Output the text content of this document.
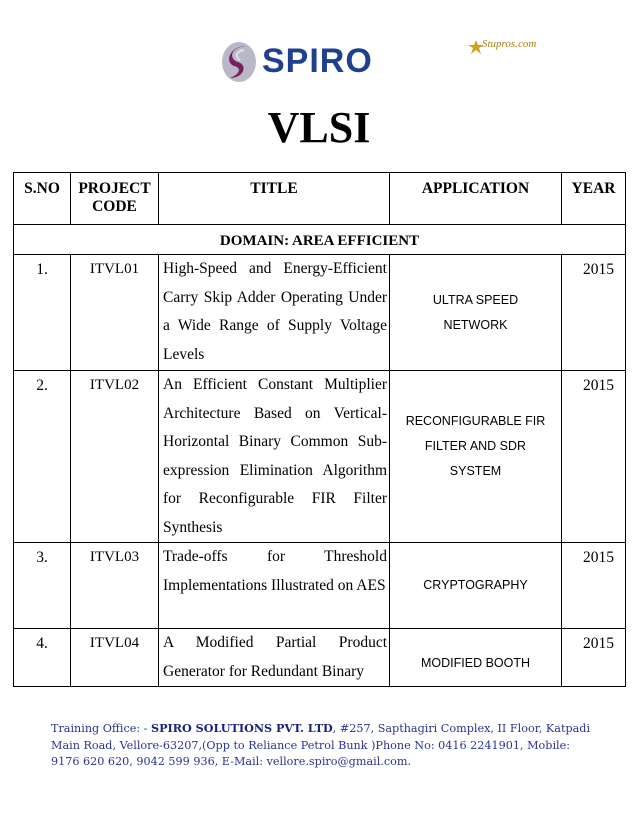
SPIRO	Stupros.com
VLSI
S.NO	PROJECT CODE	TITLE	APPLICATION	YEAR
DOMAIN: AREA EFFICIENT				
1.	ITVL01	High-Speed and Energy-Efficient Carry Skip Adder Operating Under a Wide Range of Supply Voltage Levels	ULTRA SPEED NETWORK	2015
2.	ITVL02	An Efficient Constant Multiplier Architecture Based on Vertical-Horizontal Binary Common Sub-expression Elimination Algorithm for Reconfigurable FIR Filter Synthesis	RECONFIGURABLE FIR FILTER AND SDR SYSTEM	2015
3.	ITVL03	Trade-offs for Threshold Implementations Illustrated on AES	CRYPTOGRAPHY	2015
4.	ITVL04	A Modified Partial Product Generator for Redundant Binary	MODIFIED BOOTH	2015
Training Office: - SPIRO SOLUTIONS PVT. LTD, #257, Sapthagiri Complex, II Floor, Katpadi Main Road, Vellore-63207,(Opp to Reliance Petrol Bunk )Phone No: 0416 2241901, Mobile: 9176 620 620, 9042 599 936, E-Mail: vellore.spiro@gmail.com.
